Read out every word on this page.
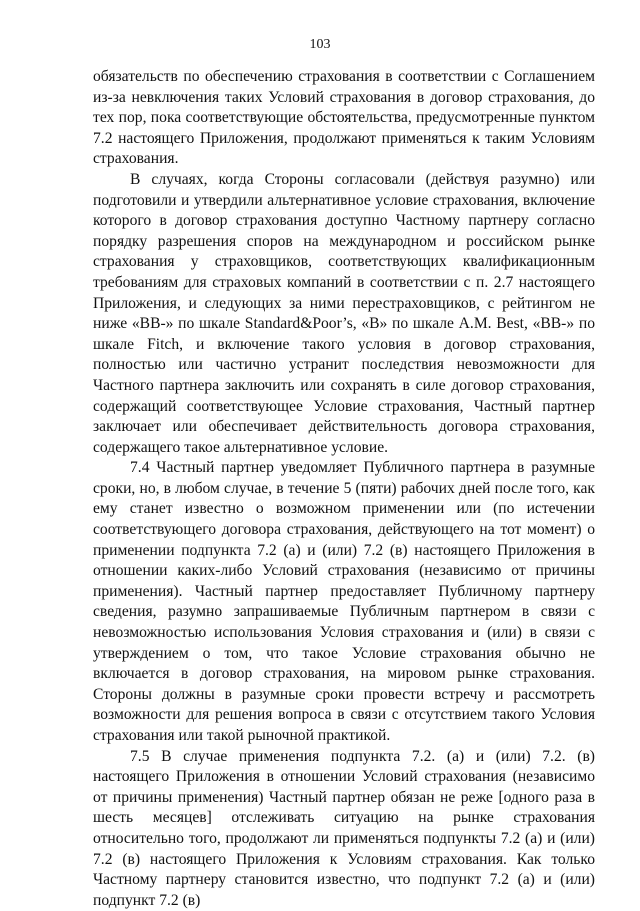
103

обязательств по обеспечению страхования в соответствии с Соглашением из-за невключения таких Условий страхования в договор страхования, до тех пор, пока соответствующие обстоятельства, предусмотренные пунктом 7.2 настоящего Приложения, продолжают применяться к таким Условиям страхования.

В случаях, когда Стороны согласовали (действуя разумно) или подготовили и утвердили альтернативное условие страхования, включение которого в договор страхования доступно Частному партнеру согласно порядку разрешения споров на международном и российском рынке страхования у страховщиков, соответствующих квалификационным требованиям для страховых компаний в соответствии с п. 2.7 настоящего Приложения, и следующих за ними перестраховщиков, с рейтингом не ниже «BB-» по шкале Standard&Poor’s, «B» по шкале A.M. Best, «BB-» по шкале Fitch, и включение такого условия в договор страхования, полностью или частично устранит последствия невозможности для Частного партнера заключить или сохранять в силе договор страхования, содержащий соответствующее Условие страхования, Частный партнер заключает или обеспечивает действительность договора страхования, содержащего такое альтернативное условие.

7.4 Частный партнер уведомляет Публичного партнера в разумные сроки, но, в любом случае, в течение 5 (пяти) рабочих дней после того, как ему станет известно о возможном применении или (по истечении соответствующего договора страхования, действующего на тот момент) о применении подпункта 7.2 (а) и (или) 7.2 (в) настоящего Приложения в отношении каких-либо Условий страхования (независимо от причины применения). Частный партнер предоставляет Публичному партнеру сведения, разумно запрашиваемые Публичным партнером в связи с невозможностью использования Условия страхования и (или) в связи с утверждением о том, что такое Условие страхования обычно не включается в договор страхования, на мировом рынке страхования. Стороны должны в разумные сроки провести встречу и рассмотреть возможности для решения вопроса в связи с отсутствием такого Условия страхования или такой рыночной практикой.

7.5 В случае применения подпункта 7.2. (а) и (или) 7.2. (в) настоящего Приложения в отношении Условий страхования (независимо от причины применения) Частный партнер обязан не реже [одного раза в шесть месяцев] отслеживать ситуацию на рынке страхования относительно того, продолжают ли применяться подпункты 7.2 (а) и (или) 7.2 (в) настоящего Приложения к Условиям страхования. Как только Частному партнеру становится известно, что подпункт 7.2 (а) и (или) подпункт 7.2 (в)
